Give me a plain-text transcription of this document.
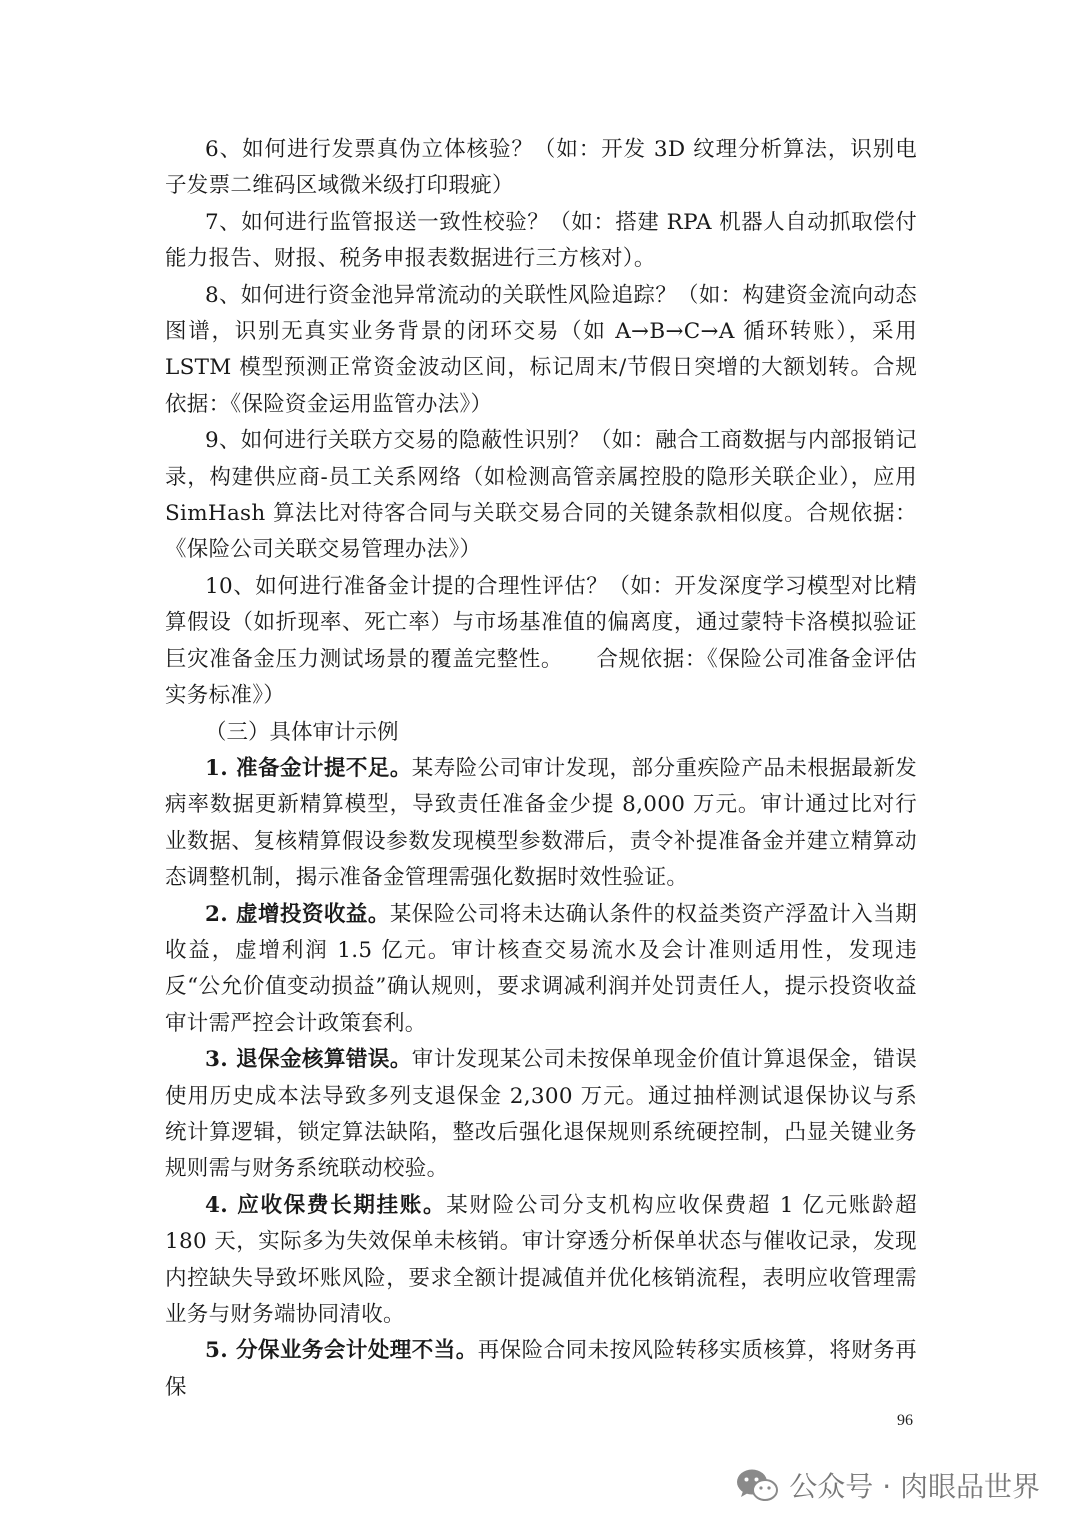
6、如何进行发票真伪立体核验？（如：开发 3D 纹理分析算法，识别电子发票二维码区域微米级打印瑕疵）

7、如何进行监管报送一致性校验？（如：搭建 RPA 机器人自动抓取偿付能力报告、财报、税务申报表数据进行三方核对）。

8、如何进行资金池异常流动的关联性风险追踪？（如：构建资金流向动态图谱，识别无真实业务背景的闭环交易（如 A→B→C→A 循环转账），采用 LSTM 模型预测正常资金波动区间，标记周末/节假日突增的大额划转。合规依据：《保险资金运用监管办法》）

9、如何进行关联方交易的隐蔽性识别？（如：融合工商数据与内部报销记录，构建供应商-员工关系网络（如检测高管亲属控股的隐形关联企业），应用 SimHash 算法比对待客合同与关联交易合同的关键条款相似度。合规依据：《保险公司关联交易管理办法》）

10、如何进行准备金计提的合理性评估？（如：开发深度学习模型对比精算假设（如折现率、死亡率）与市场基准值的偏离度，通过蒙特卡洛模拟验证巨灾准备金压力测试场景的覆盖完整性。　　合规依据：《保险公司准备金评估实务标准》）

（三）具体审计示例

1. 准备金计提不足。某寿险公司审计发现，部分重疾险产品未根据最新发病率数据更新精算模型，导致责任准备金少提 8,000 万元。审计通过比对行业数据、复核精算假设参数发现模型参数滞后，责令补提准备金并建立精算动态调整机制，揭示准备金管理需强化数据时效性验证。

2. 虚增投资收益。某保险公司将未达确认条件的权益类资产浮盈计入当期收益，虚增利润 1.5 亿元。审计核查交易流水及会计准则适用性，发现违反“公允价值变动损益”确认规则，要求调减利润并处罚责任人，提示投资收益审计需严控会计政策套利。

3. 退保金核算错误。审计发现某公司未按保单现金价值计算退保金，错误使用历史成本法导致多列支退保金 2,300 万元。通过抽样测试退保协议与系统计算逻辑，锁定算法缺陷，整改后强化退保规则系统硬控制，凸显关键业务规则需与财务系统联动校验。

4. 应收保费长期挂账。某财险公司分支机构应收保费超 1 亿元账龄超 180 天，实际多为失效保单未核销。审计穿透分析保单状态与催收记录，发现内控缺失导致坏账风险，要求全额计提减值并优化核销流程，表明应收管理需业务与财务端协同清收。

5. 分保业务会计处理不当。再保险合同未按风险转移实质核算，将财务再保

96
公众号 · 肉眼品世界
